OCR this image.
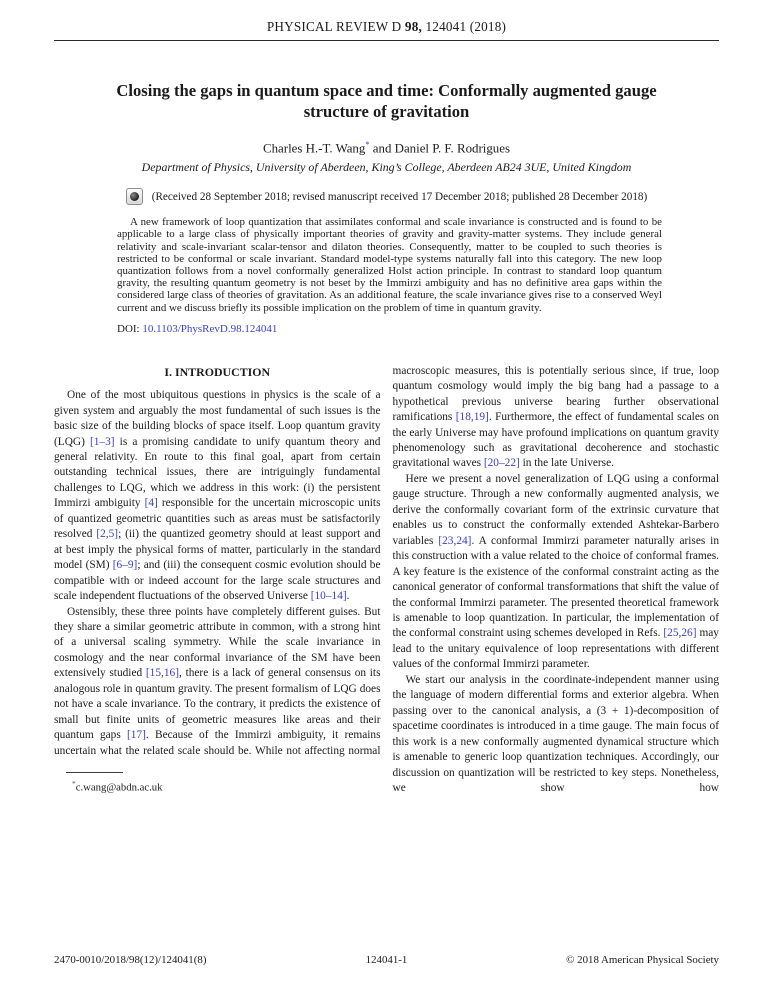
PHYSICAL REVIEW D 98, 124041 (2018)
Closing the gaps in quantum space and time: Conformally augmented gauge structure of gravitation
Charles H.-T. Wang* and Daniel P. F. Rodrigues
Department of Physics, University of Aberdeen, King’s College, Aberdeen AB24 3UE, United Kingdom
(Received 28 September 2018; revised manuscript received 17 December 2018; published 28 December 2018)
A new framework of loop quantization that assimilates conformal and scale invariance is constructed and is found to be applicable to a large class of physically important theories of gravity and gravity-matter systems. They include general relativity and scale-invariant scalar-tensor and dilaton theories. Consequently, matter to be coupled to such theories is restricted to be conformal or scale invariant. Standard model-type systems naturally fall into this category. The new loop quantization follows from a novel conformally generalized Holst action principle. In contrast to standard loop quantum gravity, the resulting quantum geometry is not beset by the Immirzi ambiguity and has no definitive area gaps within the considered large class of theories of gravitation. As an additional feature, the scale invariance gives rise to a conserved Weyl current and we discuss briefly its possible implication on the problem of time in quantum gravity.
DOI: 10.1103/PhysRevD.98.124041
I. INTRODUCTION

One of the most ubiquitous questions in physics is the scale of a given system and arguably the most fundamental of such issues is the basic size of the building blocks of space itself. Loop quantum gravity (LQG) [1–3] is a promising candidate to unify quantum theory and general relativity. En route to this final goal, apart from certain outstanding technical issues, there are intriguingly fundamental challenges to LQG, which we address in this work: (i) the persistent Immirzi ambiguity [4] responsible for the uncertain microscopic units of quantized geometric quantities such as areas must be satisfactorily resolved [2,5]; (ii) the quantized geometry should at least support and at best imply the physical forms of matter, particularly in the standard model (SM) [6–9]; and (iii) the consequent cosmic evolution should be compatible with or indeed account for the large scale structures and scale independent fluctuations of the observed Universe [10–14].

Ostensibly, these three points have completely different guises. But they share a similar geometric attribute in common, with a strong hint of a universal scaling symmetry. While the scale invariance in cosmology and the near conformal invariance of the SM have been extensively studied [15,16], there is a lack of general consensus on its analogous role in quantum gravity. The present formalism of LQG does not have a scale invariance. To the contrary, it predicts the existence of small but finite units of geometric measures like areas and their quantum gaps [17]. Because of the Immirzi ambiguity, it remains uncertain what the related scale should be. While not affecting normal

*c.wang@abdn.ac.uk

macroscopic measures, this is potentially serious since, if true, loop quantum cosmology would imply the big bang had a passage to a hypothetical previous universe bearing further observational ramifications [18,19]. Furthermore, the effect of fundamental scales on the early Universe may have profound implications on quantum gravity phenomenology such as gravitational decoherence and stochastic gravitational waves [20–22] in the late Universe.

Here we present a novel generalization of LQG using a conformal gauge structure. Through a new conformally augmented analysis, we derive the conformally covariant form of the extrinsic curvature that enables us to construct the conformally extended Ashtekar-Barbero variables [23,24]. A conformal Immirzi parameter naturally arises in this construction with a value related to the choice of conformal frames. A key feature is the existence of the conformal constraint acting as the canonical generator of conformal transformations that shift the value of the conformal Immirzi parameter. The presented theoretical framework is amenable to loop quantization. In particular, the implementation of the conformal constraint using schemes developed in Refs. [25,26] may lead to the unitary equivalence of loop representations with different values of the conformal Immirzi parameter.

We start our analysis in the coordinate-independent manner using the language of modern differential forms and exterior algebra. When passing over to the canonical analysis, a (3 + 1)-decomposition of spacetime coordinates is introduced in a time gauge. The main focus of this work is a new conformally augmented dynamical structure which is amenable to generic loop quantization techniques. Accordingly, our discussion on quantization will be restricted to key steps. Nonetheless, we show how

2470-0010/2018/98(12)/124041(8)	124041-1	© 2018 American Physical Society
